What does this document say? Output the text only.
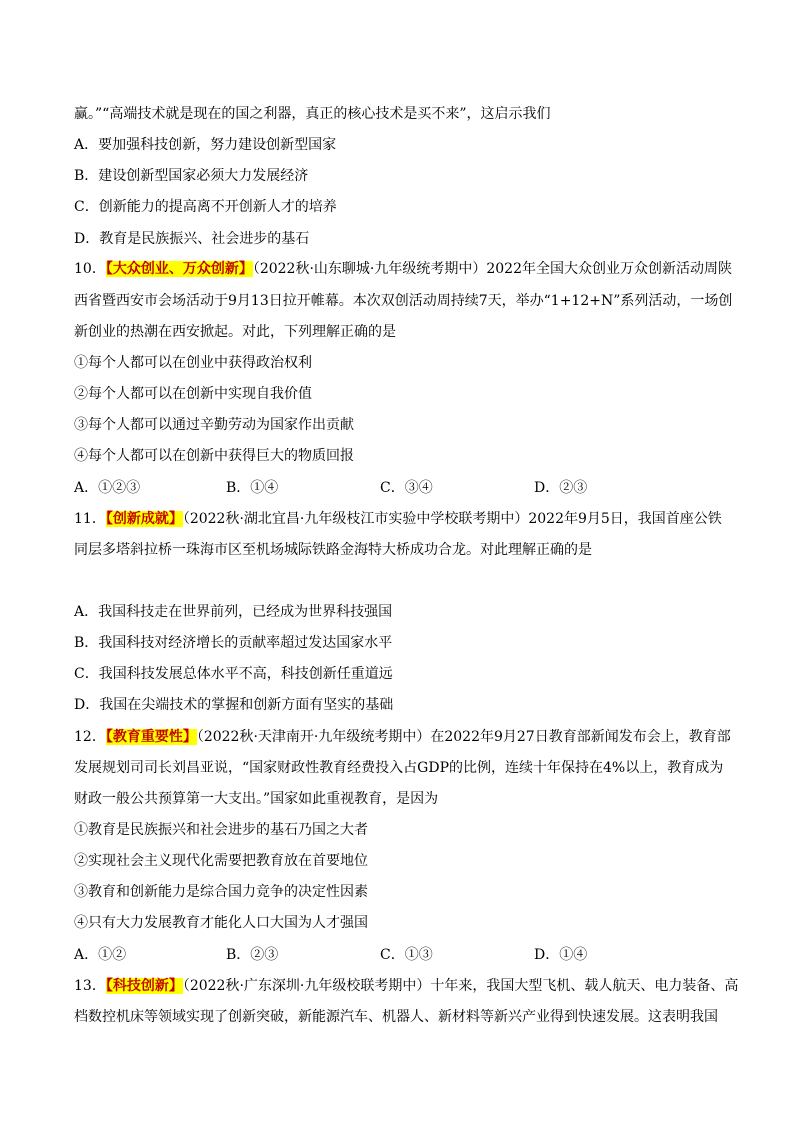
赢。”“高端技术就是现在的国之利器，真正的核心技术是买不来”，这启示我们
A．要加强科技创新，努力建设创新型国家
B．建设创新型国家必须大力发展经济
C．创新能力的提高离不开创新人才的培养
D．教育是民族振兴、社会进步的基石
10．【大众创业、万众创新】（2022秋·山东聊城·九年级统考期中）2022年全国大众创业万众创新活动周陕
西省暨西安市会场活动于9月13日拉开帷幕。本次双创活动周持续7天，举办“1+12+N”系列活动，一场创
新创业的热潮在西安掀起。对此，下列理解正确的是
①每个人都可以在创业中获得政治权利
②每个人都可以在创新中实现自我价值
③每个人都可以通过辛勤劳动为国家作出贡献
④每个人都可以在创新中获得巨大的物质回报
A．①②③	B．①④	C．③④	D．②③
11．【创新成就】（2022秋·湖北宜昌·九年级枝江市实验中学校联考期中）2022年9月5日，我国首座公铁
同层多塔斜拉桥一珠海市区至机场城际铁路金海特大桥成功合龙。对此理解正确的是
A．我国科技走在世界前列，已经成为世界科技强国
B．我国科技对经济增长的贡献率超过发达国家水平
C．我国科技发展总体水平不高，科技创新任重道远
D．我国在尖端技术的掌握和创新方面有坚实的基础
12．【教育重要性】（2022秋·天津南开·九年级统考期中）在2022年9月27日教育部新闻发布会上，教育部
发展规划司司长刘昌亚说，“国家财政性教育经费投入占GDP的比例，连续十年保持在4%以上，教育成为
财政一般公共预算第一大支出。”国家如此重视教育，是因为
①教育是民族振兴和社会进步的基石乃国之大者
②实现社会主义现代化需要把教育放在首要地位
③教育和创新能力是综合国力竞争的决定性因素
④只有大力发展教育才能化人口大国为人才强国
A．①②	B．②③	C．①③	D．①④
13．【科技创新】（2022秋·广东深圳·九年级校联考期中）十年来，我国大型飞机、载人航天、电力装备、高
档数控机床等领域实现了创新突破，新能源汽车、机器人、新材料等新兴产业得到快速发展。这表明我国
